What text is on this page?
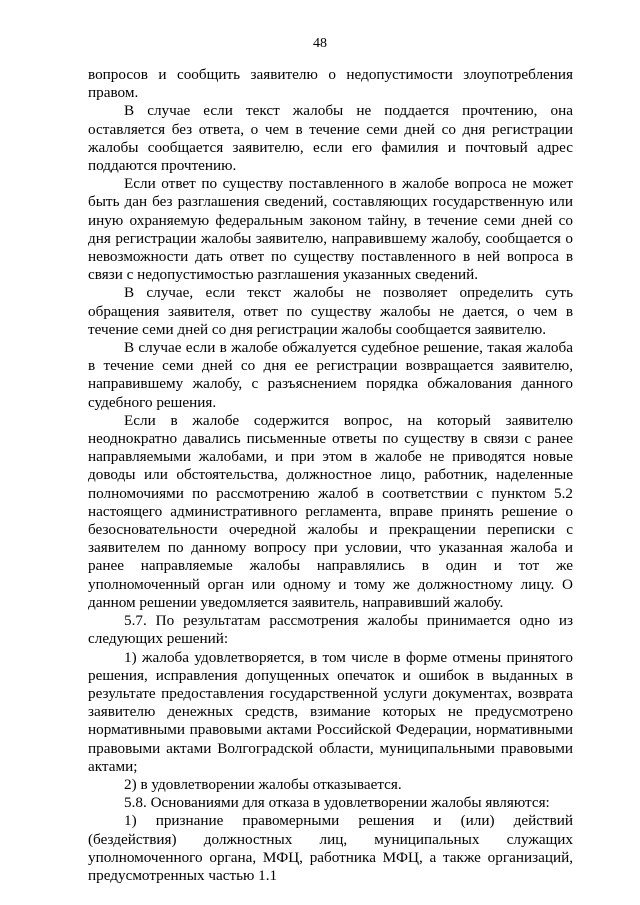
48

вопросов и сообщить заявителю о недопустимости злоупотребления правом.

В случае если текст жалобы не поддается прочтению, она оставляется без ответа, о чем в течение семи дней со дня регистрации жалобы сообщается заявителю, если его фамилия и почтовый адрес поддаются прочтению.

Если ответ по существу поставленного в жалобе вопроса не может быть дан без разглашения сведений, составляющих государственную или иную охраняемую федеральным законом тайну, в течение семи дней со дня регистрации жалобы заявителю, направившему жалобу, сообщается о невозможности дать ответ по существу поставленного в ней вопроса в связи с недопустимостью разглашения указанных сведений.

В случае, если текст жалобы не позволяет определить суть обращения заявителя, ответ по существу жалобы не дается, о чем в течение семи дней со дня регистрации жалобы сообщается заявителю.

В случае если в жалобе обжалуется судебное решение, такая жалоба в течение семи дней со дня ее регистрации возвращается заявителю, направившему жалобу, с разъяснением порядка обжалования данного судебного решения.

Если в жалобе содержится вопрос, на который заявителю неоднократно давались письменные ответы по существу в связи с ранее направляемыми жалобами, и при этом в жалобе не приводятся новые доводы или обстоятельства, должностное лицо, работник, наделенные полномочиями по рассмотрению жалоб в соответствии с пунктом 5.2 настоящего административного регламента, вправе принять решение о безосновательности очередной жалобы и прекращении переписки с заявителем по данному вопросу при условии, что указанная жалоба и ранее направляемые жалобы направлялись в один и тот же уполномоченный орган или одному и тому же должностному лицу. О данном решении уведомляется заявитель, направивший жалобу.

5.7. По результатам рассмотрения жалобы принимается одно из следующих решений:

1) жалоба удовлетворяется, в том числе в форме отмены принятого решения, исправления допущенных опечаток и ошибок в выданных в результате предоставления государственной услуги документах, возврата заявителю денежных средств, взимание которых не предусмотрено нормативными правовыми актами Российской Федерации, нормативными правовыми актами Волгоградской области, муниципальными правовыми актами;

2) в удовлетворении жалобы отказывается.

5.8. Основаниями для отказа в удовлетворении жалобы являются:

1) признание правомерными решения и (или) действий (бездействия) должностных лиц, муниципальных служащих уполномоченного органа, МФЦ, работника МФЦ, а также организаций, предусмотренных частью 1.1
